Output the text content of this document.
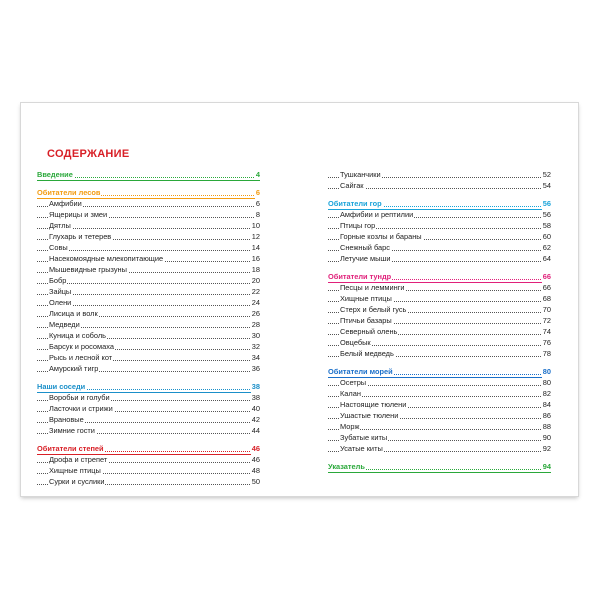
СОДЕРЖАНИЕ
Введение	4
Обитатели лесов	6
Амфибии	6
Ящерицы и змеи	8
Дятлы	10
Глухарь и тетерев	12
Совы	14
Насекомоядные млекопитающие	16
Мышевидные грызуны	18
Бобр	20
Зайцы	22
Олени	24
Лисица и волк	26
Медведи	28
Куница и соболь	30
Барсук и росомаха	32
Рысь и лесной кот	34
Амурский тигр	36
Наши соседи	38
Воробьи и голуби	38
Ласточки и стрижи	40
Врановые	42
Зимние гости	44
Обитатели степей	46
Дрофа и стрепет	46
Хищные птицы	48
Сурки и суслики	50
Тушканчики	52
Сайгак	54
Обитатели гор	56
Амфибии и рептилии	56
Птицы гор	58
Горные козлы и бараны	60
Снежный барс	62
Летучие мыши	64
Обитатели тундр	66
Песцы и лемминги	66
Хищные птицы	68
Стерх и белый гусь	70
Птичьи базары	72
Северный олень	74
Овцебык	76
Белый медведь	78
Обитатели морей	80
Осетры	80
Калан	82
Настоящие тюлени	84
Ушастые тюлени	86
Морж	88
Зубатые киты	90
Усатые киты	92
Указатель	94
